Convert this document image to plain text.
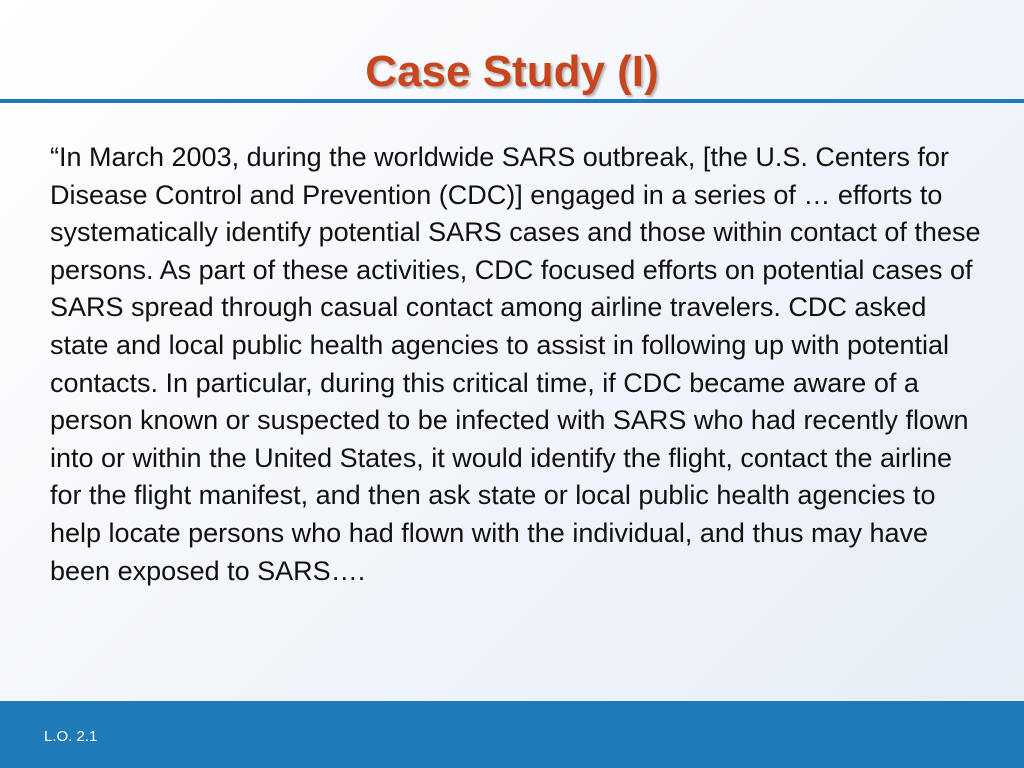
Case Study (I)

“In March 2003, during the worldwide SARS outbreak, [the U.S. Centers for Disease Control and Prevention (CDC)] engaged in a series of … efforts to systematically identify potential SARS cases and those within contact of these persons. As part of these activities, CDC focused efforts on potential cases of SARS spread through casual contact among airline travelers. CDC asked state and local public health agencies to assist in following up with potential contacts. In particular, during this critical time, if CDC became aware of a person known or suspected to be infected with SARS who had recently flown into or within the United States, it would identify the flight, contact the airline for the flight manifest, and then ask state or local public health agencies to help locate persons who had flown with the individual, and thus may have been exposed to SARS….

L.O. 2.1
